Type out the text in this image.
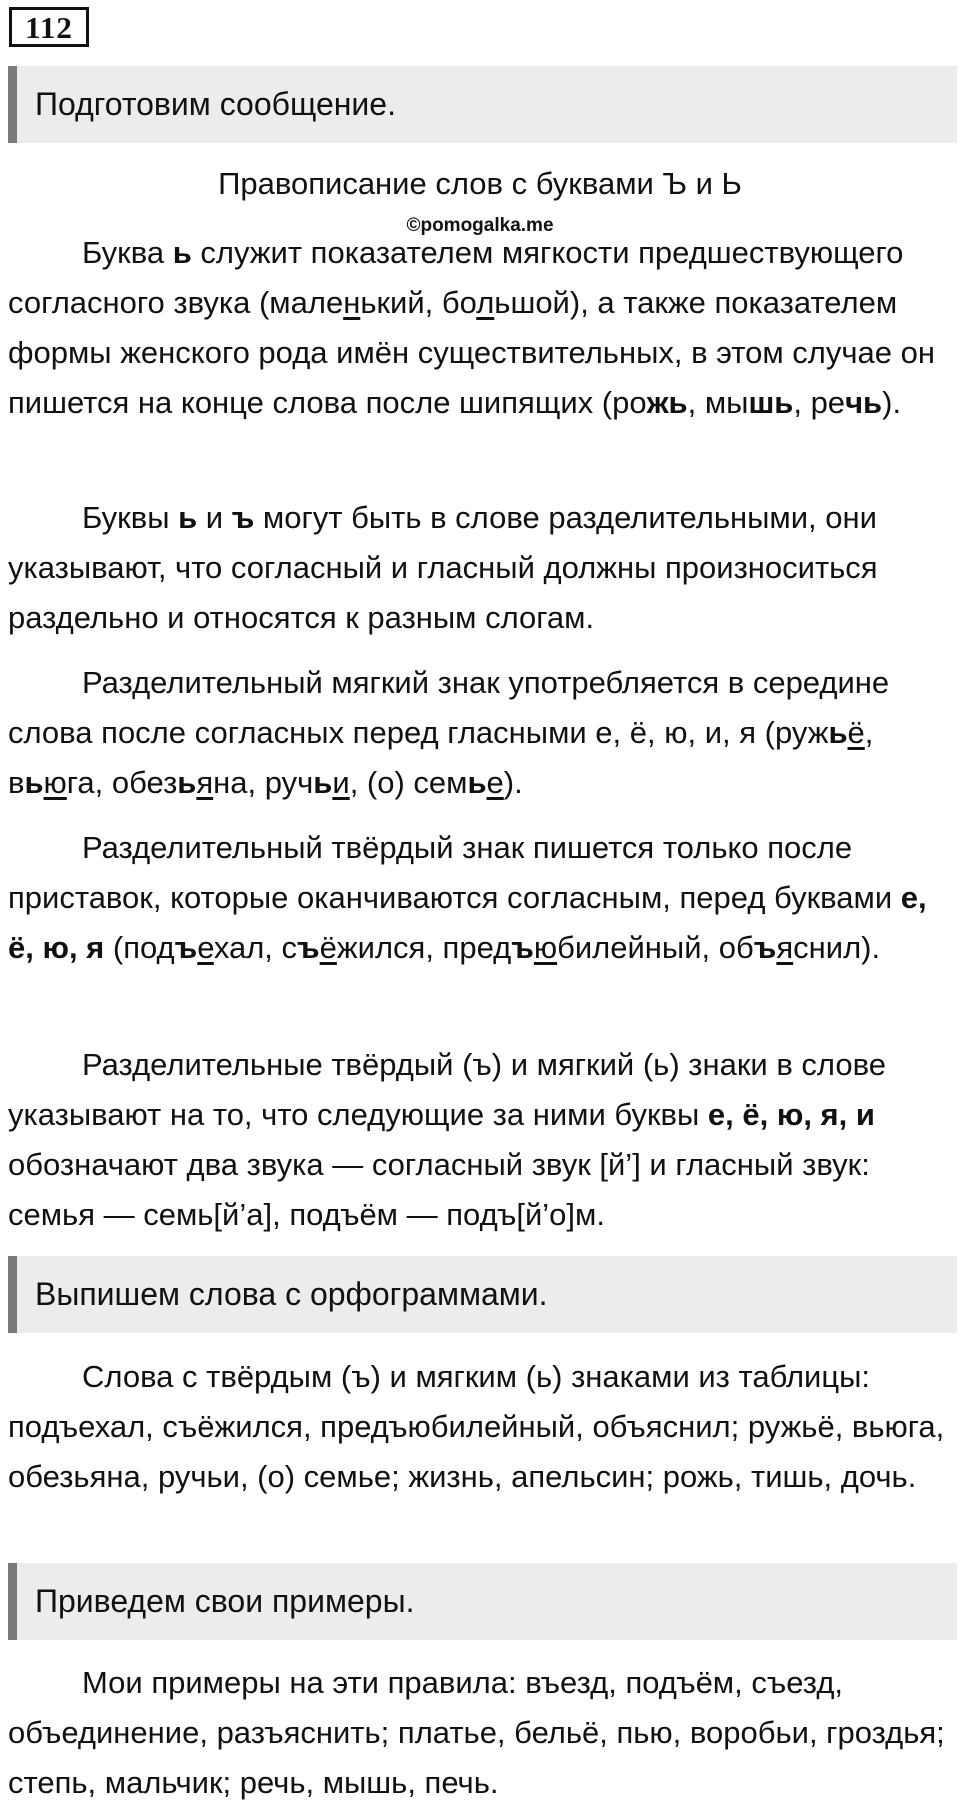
112
Подготовим сообщение.
Правописание слов с буквами Ъ и Ь
©pomogalka.me

Буква ь служит показателем мягкости предшествующего согласного звука (маленький, большой), а также показателем формы женского рода имён существительных, в этом случае он пишется на конце слова после шипящих (рожь, мышь, речь).

Буквы ь и ъ могут быть в слове разделительными, они указывают, что согласный и гласный должны произноситься раздельно и относятся к разным слогам.

Разделительный мягкий знак употребляется в середине слова после согласных перед гласными е, ё, ю, и, я (ружьё, вьюга, обезьяна, ручьи, (о) семье).

Разделительный твёрдый знак пишется только после приставок, которые оканчиваются согласным, перед буквами е, ё, ю, я (подъехал, съёжился, предъюбилейный, объяснил).

Разделительные твёрдый (ъ) и мягкий (ь) знаки в слове указывают на то, что следующие за ними буквы е, ё, ю, я, и обозначают два звука — согласный звук [й’] и гласный звук: семья — семь[й’а], подъём — подъ[й’о]м.

Выпишем слова с орфограммами.

Слова с твёрдым (ъ) и мягким (ь) знаками из таблицы: подъехал, съёжился, предъюбилейный, объяснил; ружьё, вьюга, обезьяна, ручьи, (о) семье; жизнь, апельсин; рожь, тишь, дочь.

Приведем свои примеры.

Мои примеры на эти правила: въезд, подъём, съезд, объединение, разъяснить; платье, бельё, пью, воробьи, гроздья; степь, мальчик; речь, мышь, печь.
